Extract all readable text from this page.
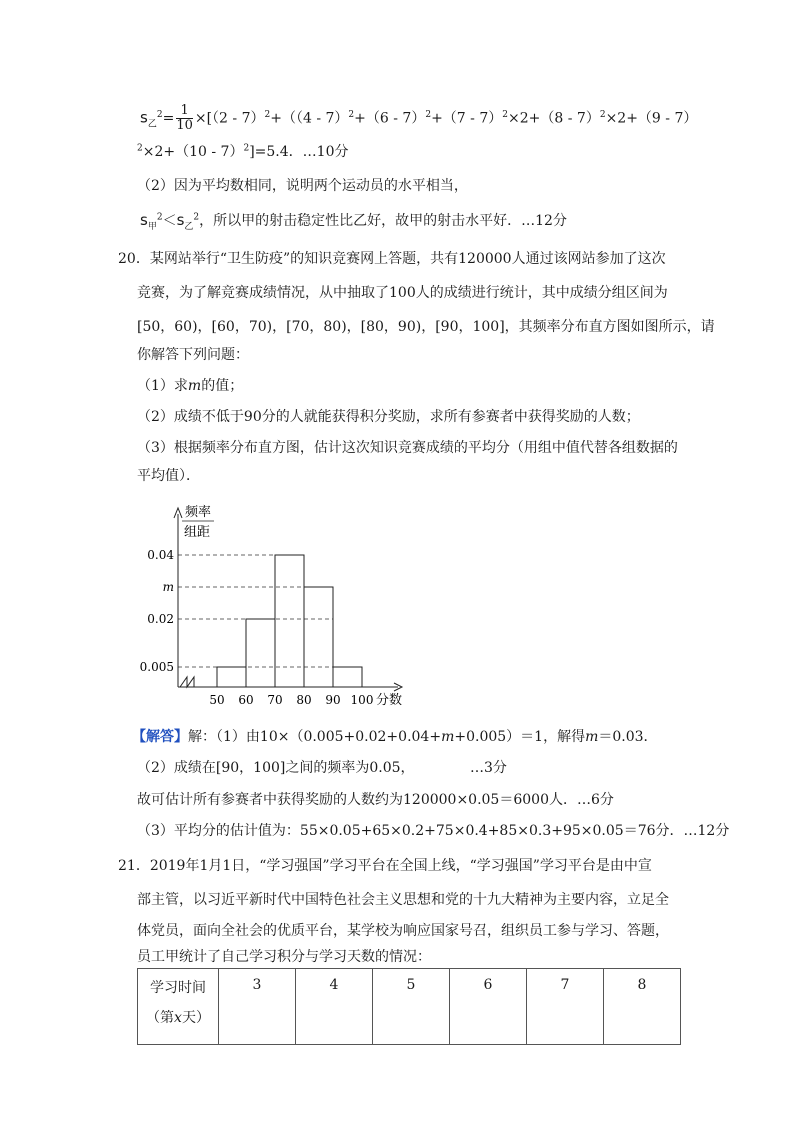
$s_乙^2= \frac{1}{10} \times[(2 - 7)^2+((4 - 7)^2+(6 - 7)^2+(7 - 7)^2\times 2+(8 - 7)^2\times 2+(9 - 7)$
$^2$×2+（10 - 7）$^2$]=5.4．…10分
（2）因为平均数相同，说明两个运动员的水平相当，
$s_甲^2<s_乙^2$，所以甲的射击稳定性比乙好，故甲的射击水平好．…12分
20．某网站举行“卫生防疫”的知识竞赛网上答题，共有120000人通过该网站参加了这次
竞赛，为了解竞赛成绩情况，从中抽取了100人的成绩进行统计，其中成绩分组区间为
[50，60)，[60，70)，[70，80)，[80，90)，[90，100]，其频率分布直方图如图所示，请
你解答下列问题：
（1）求m的值；
（2）成绩不低于90分的人就能获得积分奖励，求所有参赛者中获得奖励的人数；
（3）根据频率分布直方图，估计这次知识竞赛成绩的平均分（用组中值代替各组数据的
平均值）．
频率
组距
0.005
0.02
m
0.04
50 60 70 80 90 100 分数
【解答】解：（1）由10×（0.005+0.02+0.04+m+0.005）＝1，解得m＝0.03．
（2）成绩在[90，100]之间的频率为0.05，	…3分
故可估计所有参赛者中获得奖励的人数约为120000×0.05＝6000人．…6分
（3）平均分的估计值为：55×0.05+65×0.2+75×0.4+85×0.3+95×0.05＝76分．…12分
21．2019年1月1日，“学习强国”学习平台在全国上线，“学习强国”学习平台是由中宣
部主管，以习近平新时代中国特色社会主义思想和党的十九大精神为主要内容，立足全
体党员，面向全社会的优质平台，某学校为响应国家号召，组织员工参与学习、答题，
员工甲统计了自己学习积分与学习天数的情况：
学习时间
（第x天）
	3	4	5	6	7	8
